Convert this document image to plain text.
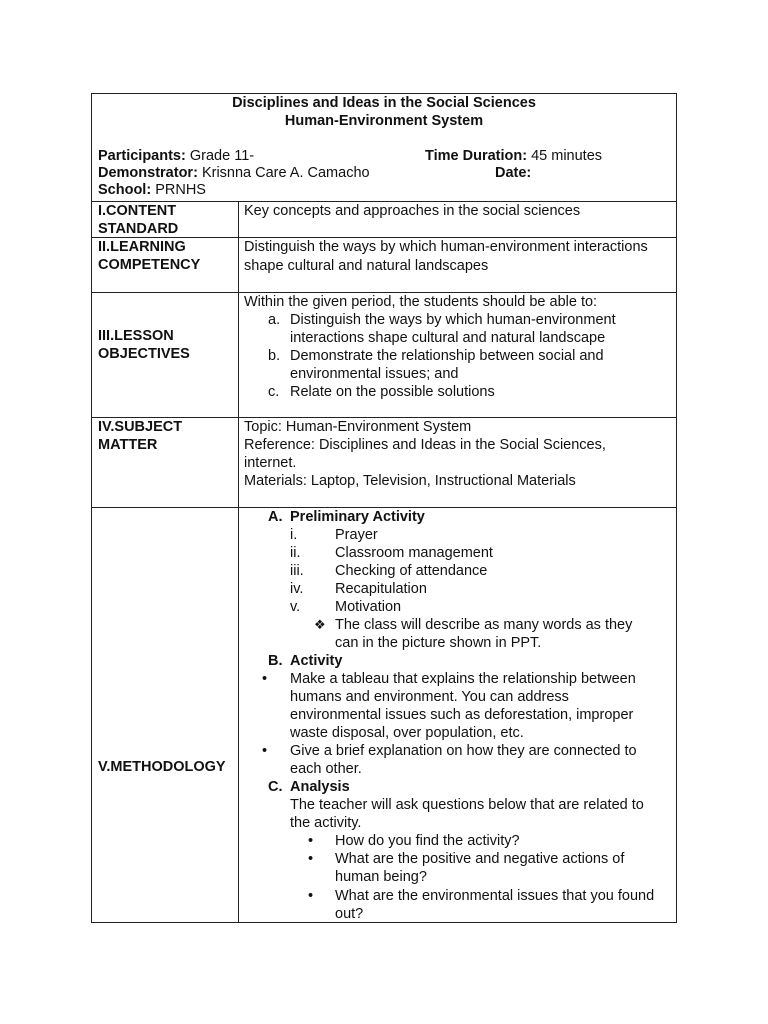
Disciplines and Ideas in the Social Sciences
Human-Environment System
Participants: Grade 11-	Time Duration: 45 minutes
Demonstrator: Krisnna Care A. Camacho	Date:
School: PRNHS
I.CONTENT
STANDARD
Key concepts and approaches in the social sciences
II.LEARNING
COMPETENCY
Distinguish the ways by which human-environment interactions
shape cultural and natural landscapes
III.LESSON
OBJECTIVES
Within the given period, the students should be able to:
a. Distinguish the ways by which human-environment
interactions shape cultural and natural landscape
b. Demonstrate the relationship between social and
environmental issues; and
c. Relate on the possible solutions
IV.SUBJECT
MATTER
Topic: Human-Environment System
Reference: Disciplines and Ideas in the Social Sciences,
internet.
Materials: Laptop, Television, Instructional Materials
V.METHODOLOGY
A. Preliminary Activity
i.	Prayer
ii. Classroom management
iii. Checking of attendance
iv. Recapitulation
v. Motivation
❖ The class will describe as many words as they
can in the picture shown in PPT.
B. Activity
• Make a tableau that explains the relationship between
humans and environment. You can address
environmental issues such as deforestation, improper
waste disposal, over population, etc.
• Give a brief explanation on how they are connected to
each other.
C. Analysis
The teacher will ask questions below that are related to
the activity.
• How do you find the activity?
• What are the positive and negative actions of
human being?
• What are the environmental issues that you found
out?
